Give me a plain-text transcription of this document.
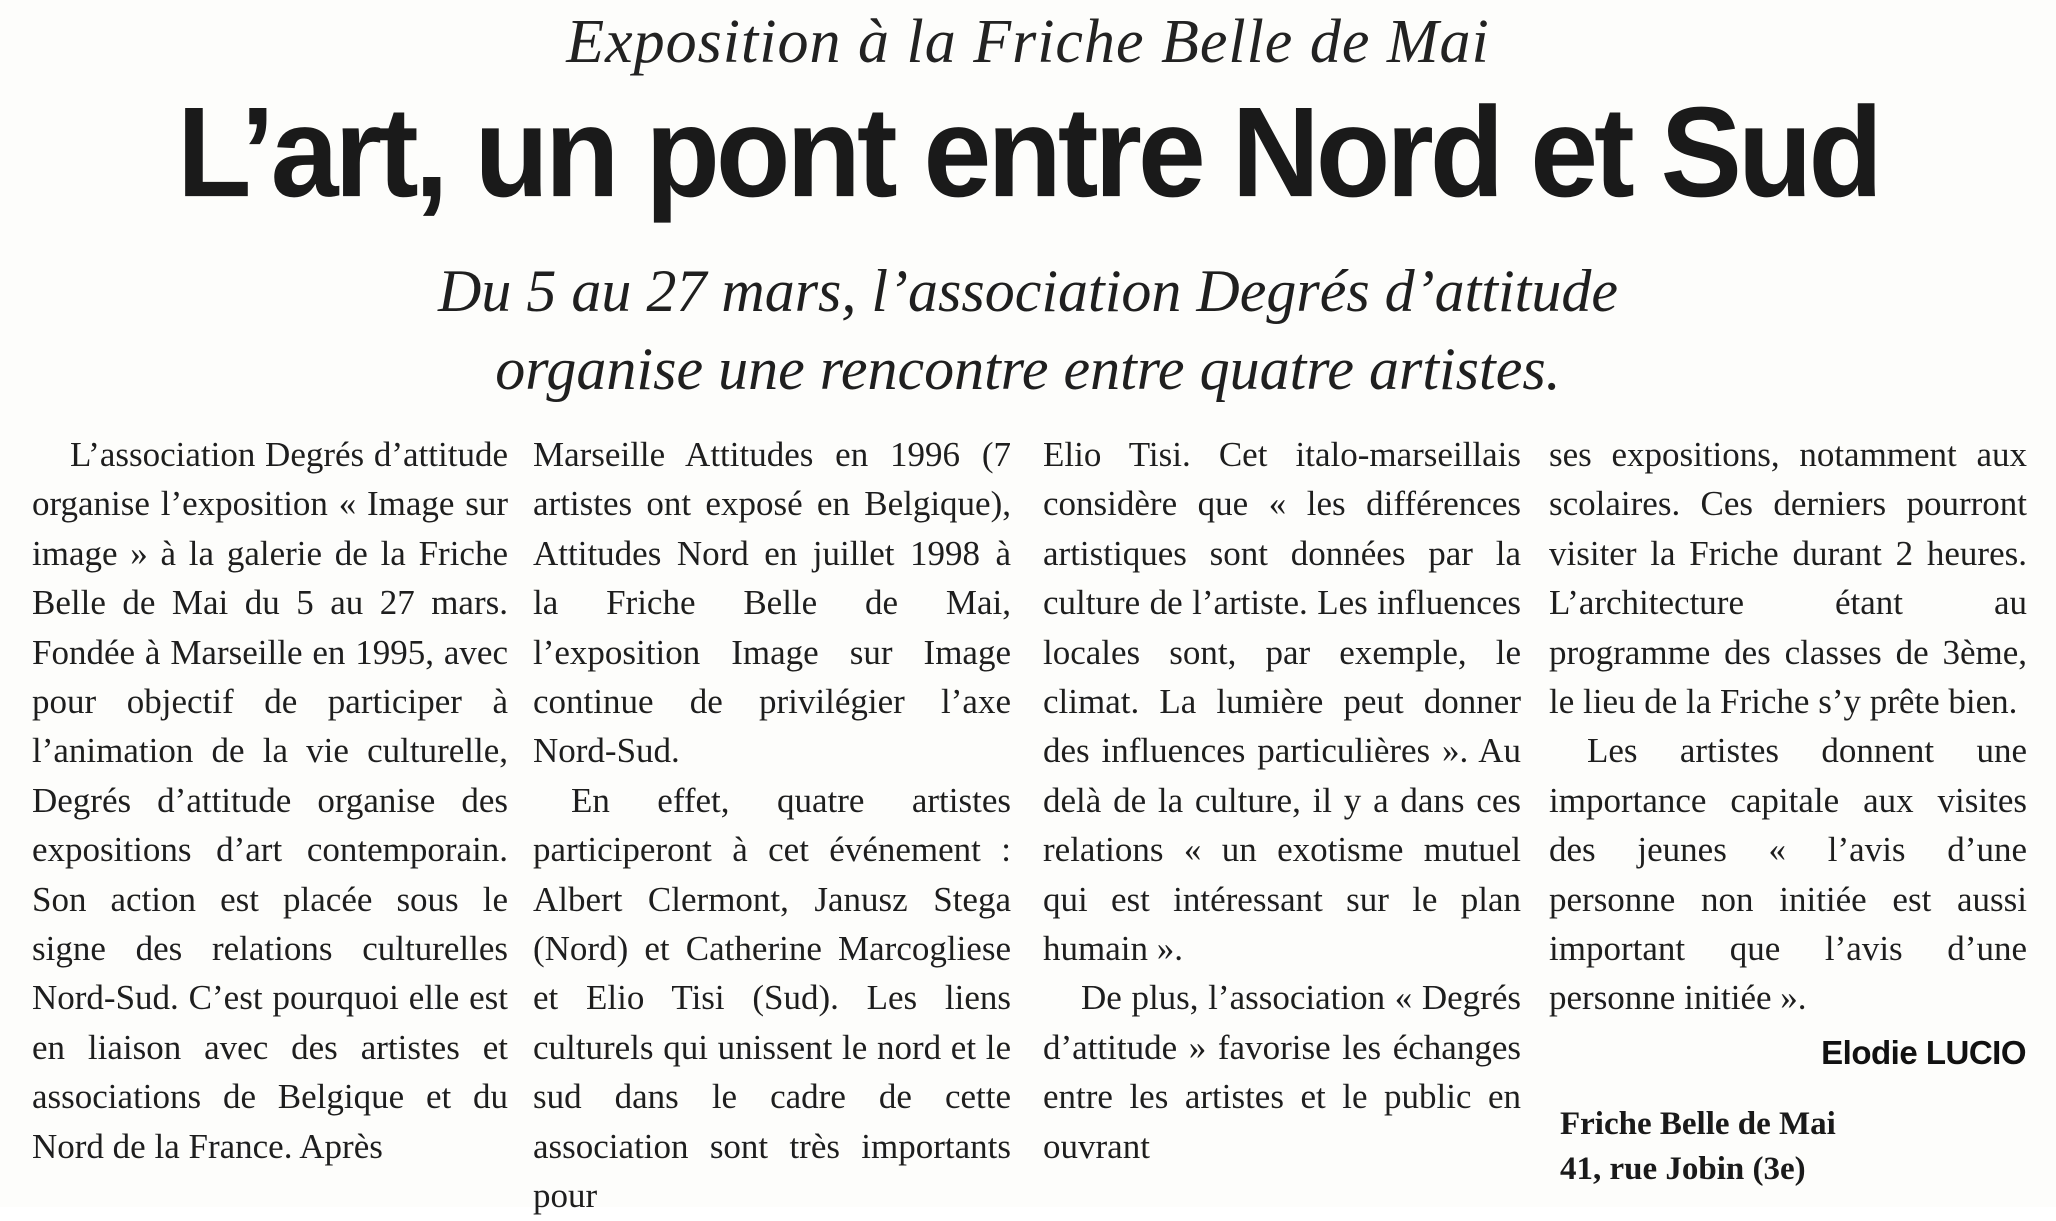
Exposition à la Friche Belle de Mai
L’art, un pont entre Nord et Sud
Du 5 au 27 mars, l’association Degrés d’attitude
organise une rencontre entre quatre artistes.

L’association Degrés d’attitude organise l’exposition « Image sur image » à la galerie de la Friche Belle de Mai du 5 au 27 mars. Fondée à Marseille en 1995, avec pour objectif de participer à l’animation de la vie culturelle, Degrés d’attitude organise des expositions d’art contemporain. Son action est placée sous le signe des relations culturelles Nord-Sud. C’est pourquoi elle est en liaison avec des artistes et associations de Belgique et du Nord de la France. Après

Marseille Attitudes en 1996 (7 artistes ont exposé en Belgique), Attitudes Nord en juillet 1998 à la Friche Belle de Mai, l’exposition Image sur Image continue de privilégier l’axe Nord-Sud.

En effet, quatre artistes participeront à cet événement : Albert Clermont, Janusz Stega (Nord) et Catherine Marcogliese et Elio Tisi (Sud). Les liens culturels qui unissent le nord et le sud dans le cadre de cette association sont très importants pour

Elio Tisi. Cet italo-marseillais considère que « les différences artistiques sont données par la culture de l’artiste. Les influences locales sont, par exemple, le climat. La lumière peut donner des influences particulières ». Au delà de la culture, il y a dans ces relations « un exotisme mutuel qui est intéressant sur le plan humain ».

De plus, l’association « Degrés d’attitude » favorise les échanges entre les artistes et le public en ouvrant

ses expositions, notamment aux scolaires. Ces derniers pourront visiter la Friche durant 2 heures. L’architecture étant au programme des classes de 3ème, le lieu de la Friche s’y prête bien.

Les artistes donnent une importance capitale aux visites des jeunes « l’avis d’une personne non initiée est aussi important que l’avis d’une personne initiée ».

Elodie LUCIO
Friche Belle de Mai
41, rue Jobin (3e)
